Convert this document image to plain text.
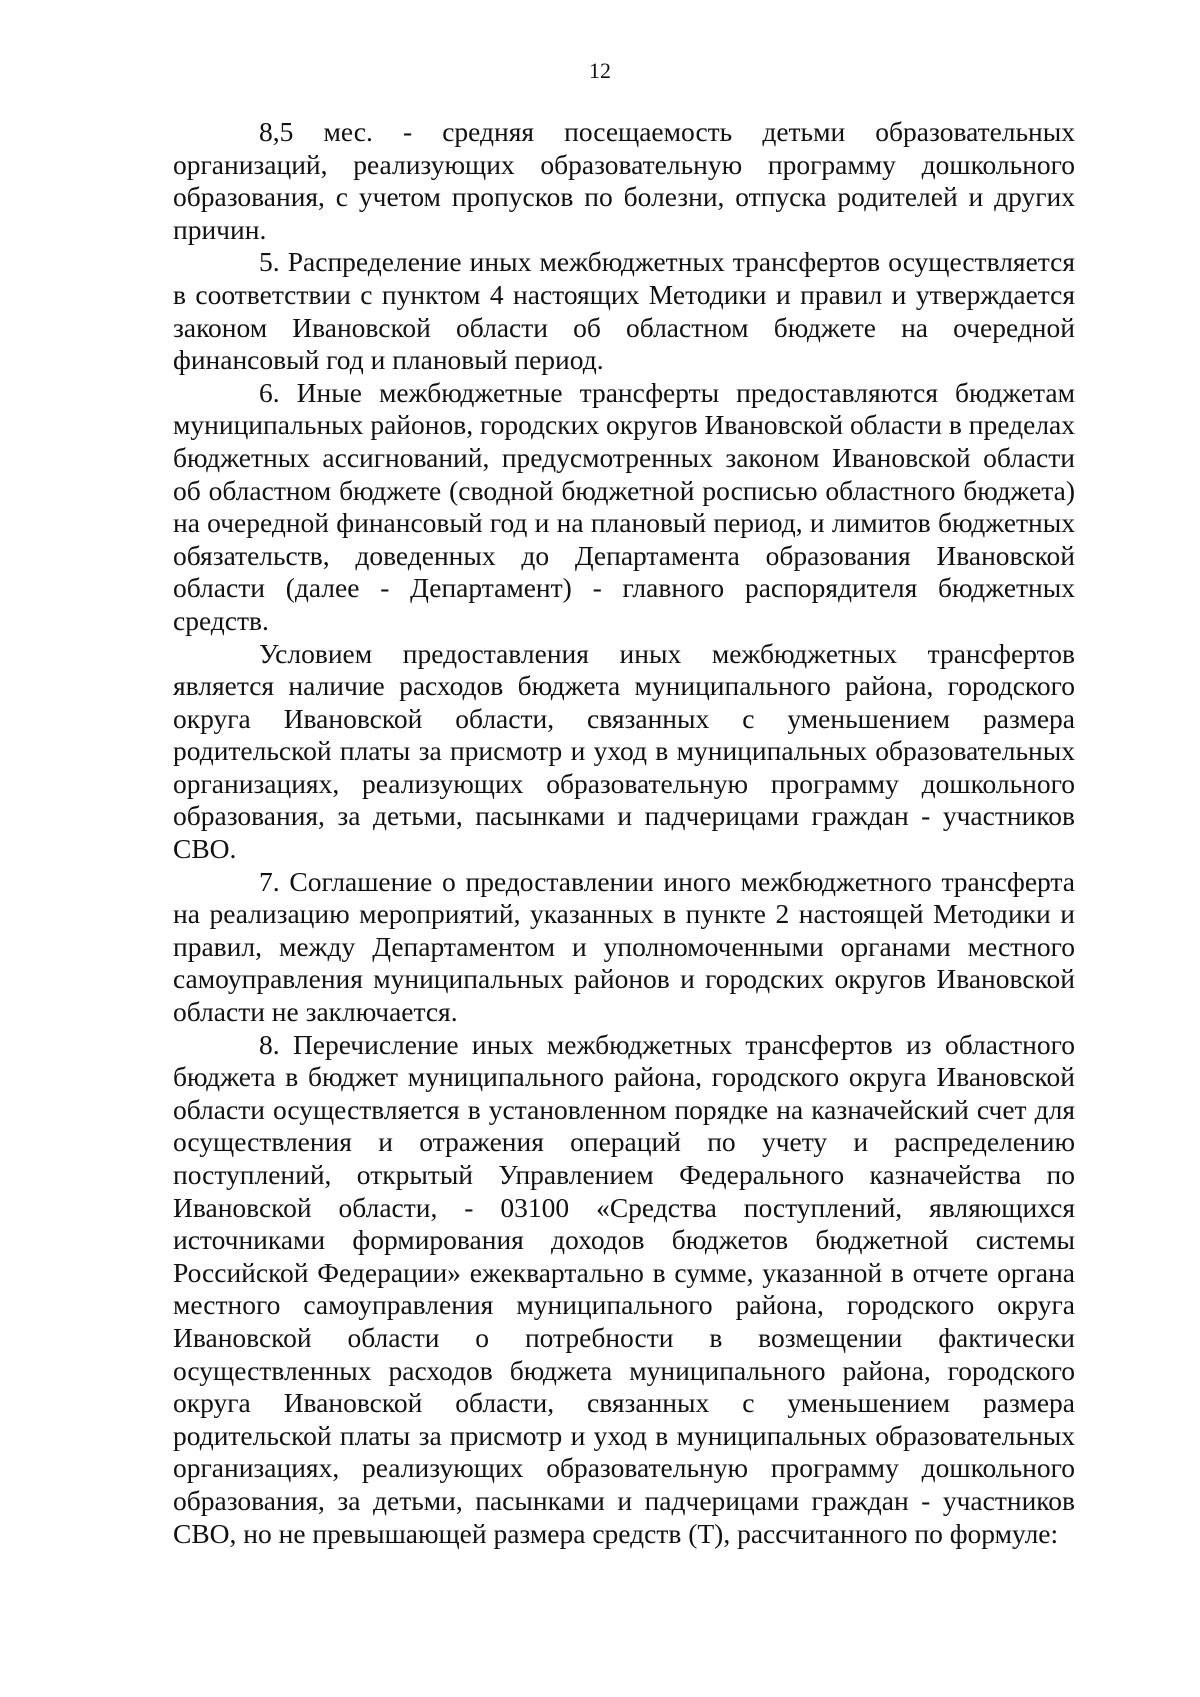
12

8,5 мес. - средняя посещаемость детьми образовательных организаций, реализующих образовательную программу дошкольного образования, с учетом пропусков по болезни, отпуска родителей и других причин.

5. Распределение иных межбюджетных трансфертов осуществляется в соответствии с пунктом 4 настоящих Методики и правил и утверждается законом Ивановской области об областном бюджете на очередной финансовый год и плановый период.

6. Иные межбюджетные трансферты предоставляются бюджетам муниципальных районов, городских округов Ивановской области в пределах бюджетных ассигнований, предусмотренных законом Ивановской области об областном бюджете (сводной бюджетной росписью областного бюджета) на очередной финансовый год и на плановый период, и лимитов бюджетных обязательств, доведенных до Департамента образования Ивановской области (далее - Департамент) - главного распорядителя бюджетных средств.

Условием предоставления иных межбюджетных трансфертов является наличие расходов бюджета муниципального района, городского округа Ивановской области, связанных с уменьшением размера родительской платы за присмотр и уход в муниципальных образовательных организациях, реализующих образовательную программу дошкольного образования, за детьми, пасынками и падчерицами граждан - участников СВО.

7. Соглашение о предоставлении иного межбюджетного трансферта на реализацию мероприятий, указанных в пункте 2 настоящей Методики и правил, между Департаментом и уполномоченными органами местного самоуправления муниципальных районов и городских округов Ивановской области не заключается.

8. Перечисление иных межбюджетных трансфертов из областного бюджета в бюджет муниципального района, городского округа Ивановской области осуществляется в установленном порядке на казначейский счет для осуществления и отражения операций по учету и распределению поступлений, открытый Управлением Федерального казначейства по Ивановской области, - 03100 «Средства поступлений, являющихся источниками формирования доходов бюджетов бюджетной системы Российской Федерации» ежеквартально в сумме, указанной в отчете органа местного самоуправления муниципального района, городского округа Ивановской области о потребности в возмещении фактически осуществленных расходов бюджета муниципального района, городского округа Ивановской области, связанных с уменьшением размера родительской платы за присмотр и уход в муниципальных образовательных организациях, реализующих образовательную программу дошкольного образования, за детьми, пасынками и падчерицами граждан - участников СВО, но не превышающей размера средств (Т), рассчитанного по формуле:
